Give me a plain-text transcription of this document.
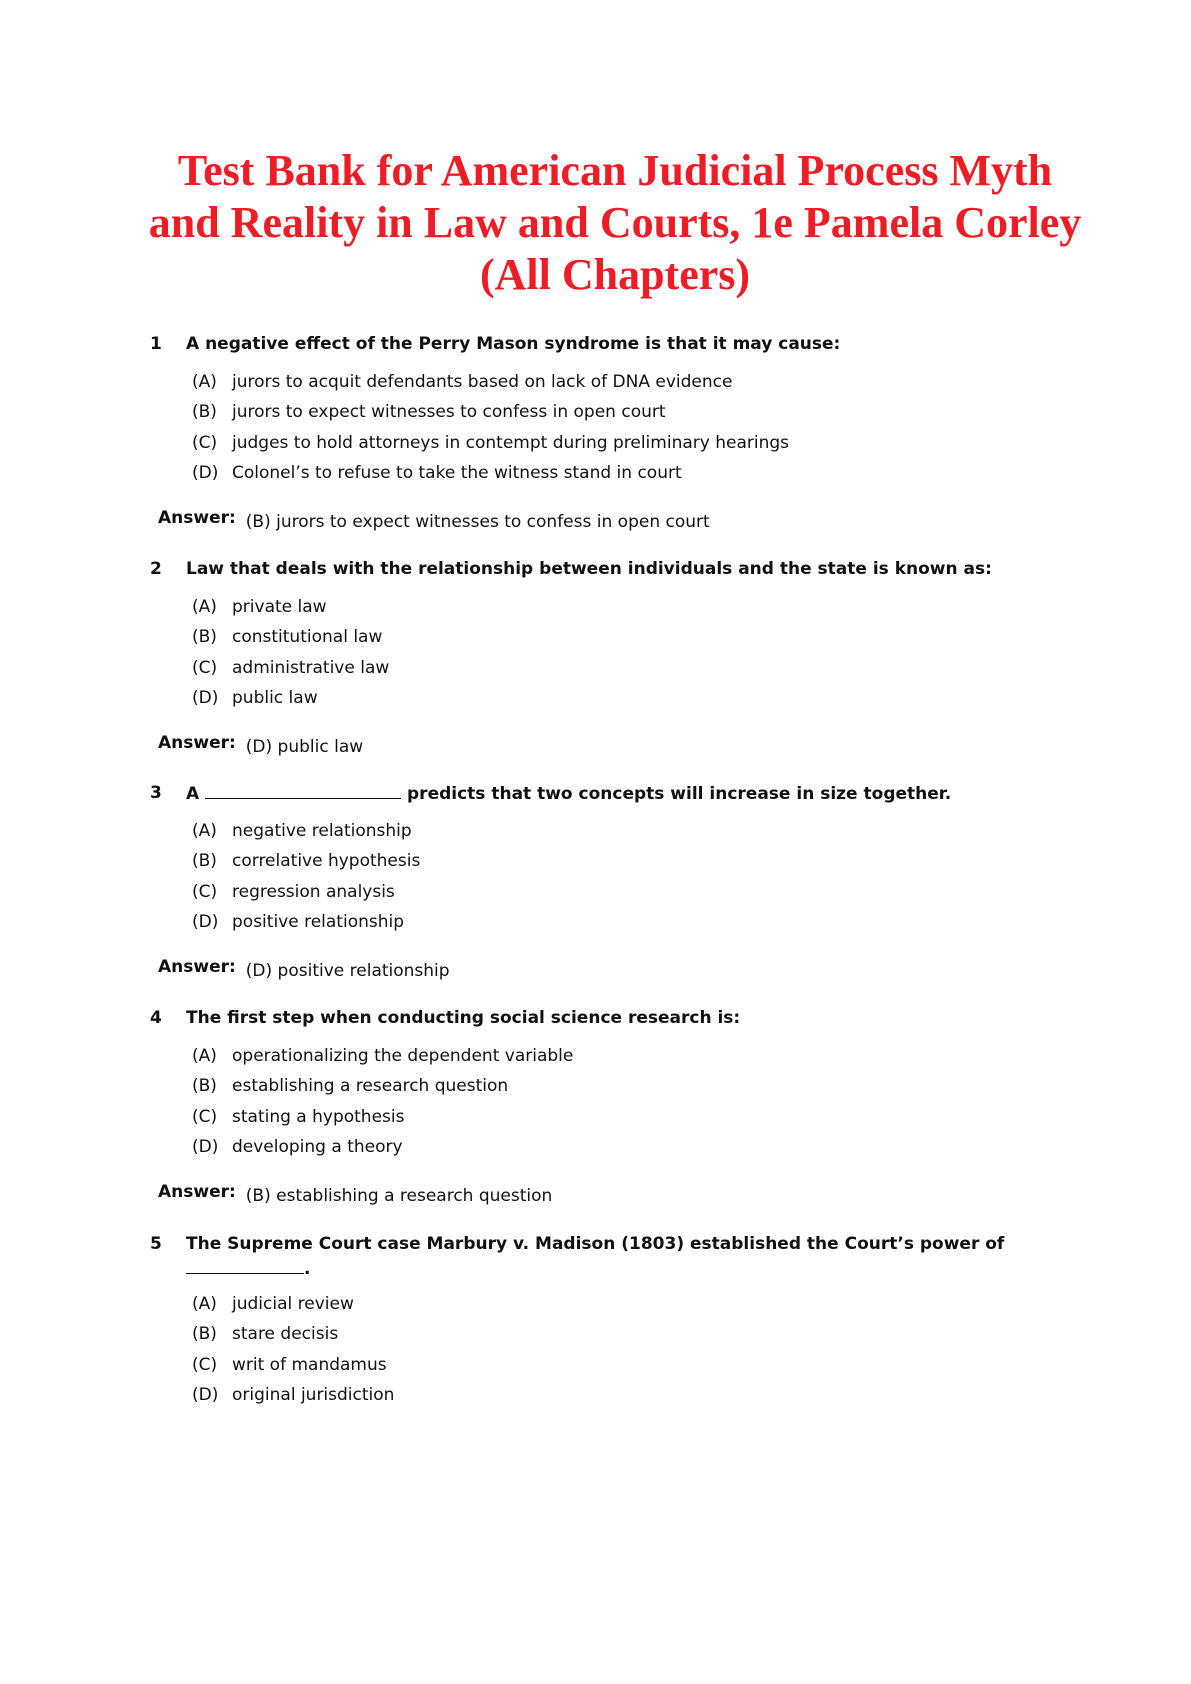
Test Bank for American Judicial Process Myth
and Reality in Law and Courts, 1e Pamela Corley
(All Chapters)
1 A negative effect of the Perry Mason syndrome is that it may cause:
(A) jurors to acquit defendants based on lack of DNA evidence
(B) jurors to expect witnesses to confess in open court
(C) judges to hold attorneys in contempt during preliminary hearings
(D) Colonel’s to refuse to take the witness stand in court
Answer: (B) jurors to expect witnesses to confess in open court
2 Law that deals with the relationship between individuals and the state is known as:
(A) private law
(B) constitutional law
(C) administrative law
(D) public law
Answer: (D) public law
3 A	predicts that two concepts will increase in size together.
(A) negative relationship
(B) correlative hypothesis
(C) regression analysis
(D) positive relationship
Answer: (D) positive relationship
4 The first step when conducting social science research is:
(A) operationalizing the dependent variable
(B) establishing a research question
(C) stating a hypothesis
(D) developing a theory
Answer: (B) establishing a research question
5 The Supreme Court case Marbury v. Madison (1803) established the Court’s power of .
(A) judicial review
(B) stare decisis
(C) writ of mandamus
(D) original jurisdiction
